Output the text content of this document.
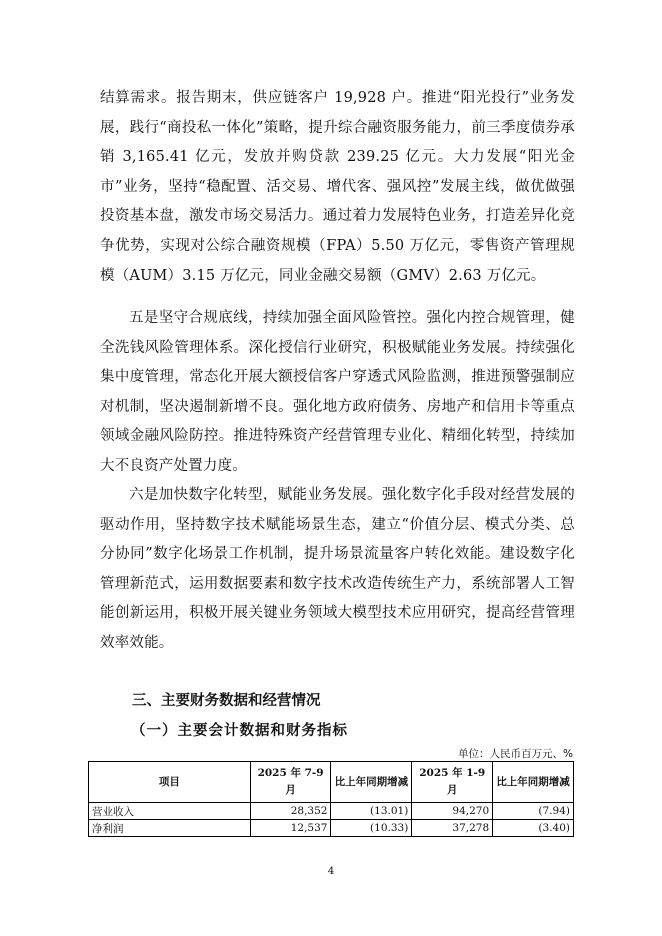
结算需求。报告期末，供应链客户 19,928 户。推进“阳光投行”业务发展，践行“商投私一体化”策略，提升综合融资服务能力，前三季度债券承销 3,165.41 亿元，发放并购贷款 239.25 亿元。大力发展“阳光金市”业务，坚持“稳配置、活交易、增代客、强风控”发展主线，做优做强投资基本盘，激发市场交易活力。通过着力发展特色业务，打造差异化竞争优势，实现对公综合融资规模（FPA）5.50 万亿元，零售资产管理规模（AUM）3.15 万亿元，同业金融交易额（GMV）2.63 万亿元。

五是坚守合规底线，持续加强全面风险管控。强化内控合规管理，健全洗钱风险管理体系。深化授信行业研究，积极赋能业务发展。持续强化集中度管理，常态化开展大额授信客户穿透式风险监测，推进预警强制应对机制，坚决遏制新增不良。强化地方政府债务、房地产和信用卡等重点领域金融风险防控。推进特殊资产经营管理专业化、精细化转型，持续加大不良资产处置力度。

六是加快数字化转型，赋能业务发展。强化数字化手段对经营发展的驱动作用，坚持数字技术赋能场景生态，建立“价值分层、模式分类、总分协同”数字化场景工作机制，提升场景流量客户转化效能。建设数字化管理新范式，运用数据要素和数字技术改造传统生产力，系统部署人工智能创新运用，积极开展关键业务领域大模型技术应用研究，提高经营管理效率效能。

三、主要财务数据和经营情况
（一）主要会计数据和财务指标
单位：人民币百万元、%
项目	2025 年 7-9 月	比上年同期增减	2025 年 1-9 月	比上年同期增减
营业收入	28,352	(13.01)	94,270	(7.94)
净利润	12,537	(10.33)	37,278	(3.40)
4
